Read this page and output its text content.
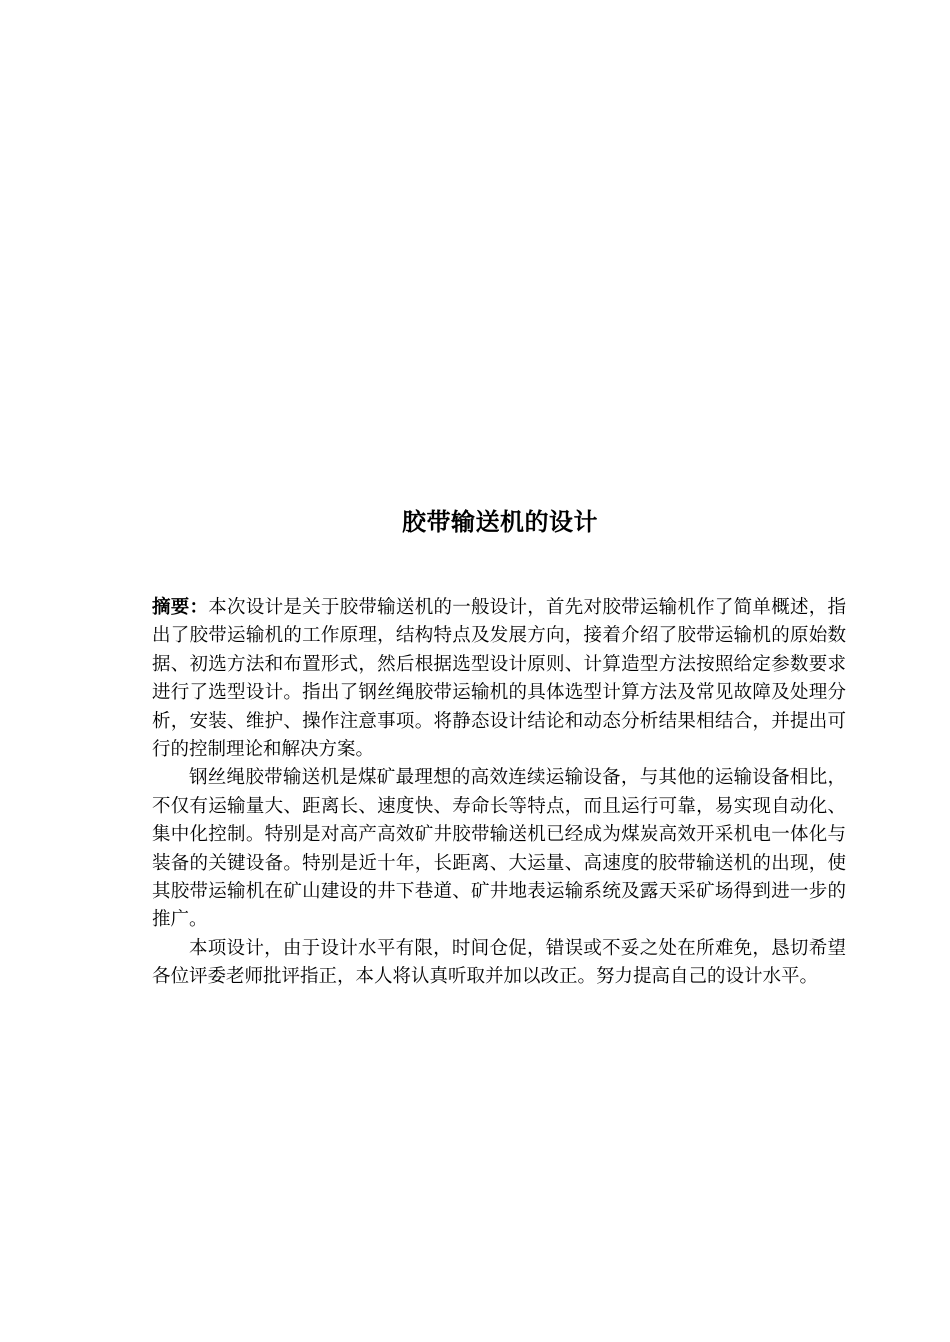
胶带输送机的设计

摘要：本次设计是关于胶带输送机的一般设计，首先对胶带运输机作了简单概述，指出了胶带运输机的工作原理，结构特点及发展方向，接着介绍了胶带运输机的原始数据、初选方法和布置形式，然后根据选型设计原则、计算造型方法按照给定参数要求进行了选型设计。指出了钢丝绳胶带运输机的具体选型计算方法及常见故障及处理分析，安装、维护、操作注意事项。将静态设计结论和动态分析结果相结合，并提出可行的控制理论和解决方案。

钢丝绳胶带输送机是煤矿最理想的高效连续运输设备，与其他的运输设备相比，不仅有运输量大、距离长、速度快、寿命长等特点，而且运行可靠，易实现自动化、集中化控制。特别是对高产高效矿井胶带输送机已经成为煤炭高效开采机电一体化与装备的关键设备。特别是近十年，长距离、大运量、高速度的胶带输送机的出现，使其胶带运输机在矿山建设的井下巷道、矿井地表运输系统及露天采矿场得到进一步的推广。

本项设计，由于设计水平有限，时间仓促，错误或不妥之处在所难免，恳切希望各位评委老师批评指正，本人将认真听取并加以改正。努力提高自己的设计水平。
